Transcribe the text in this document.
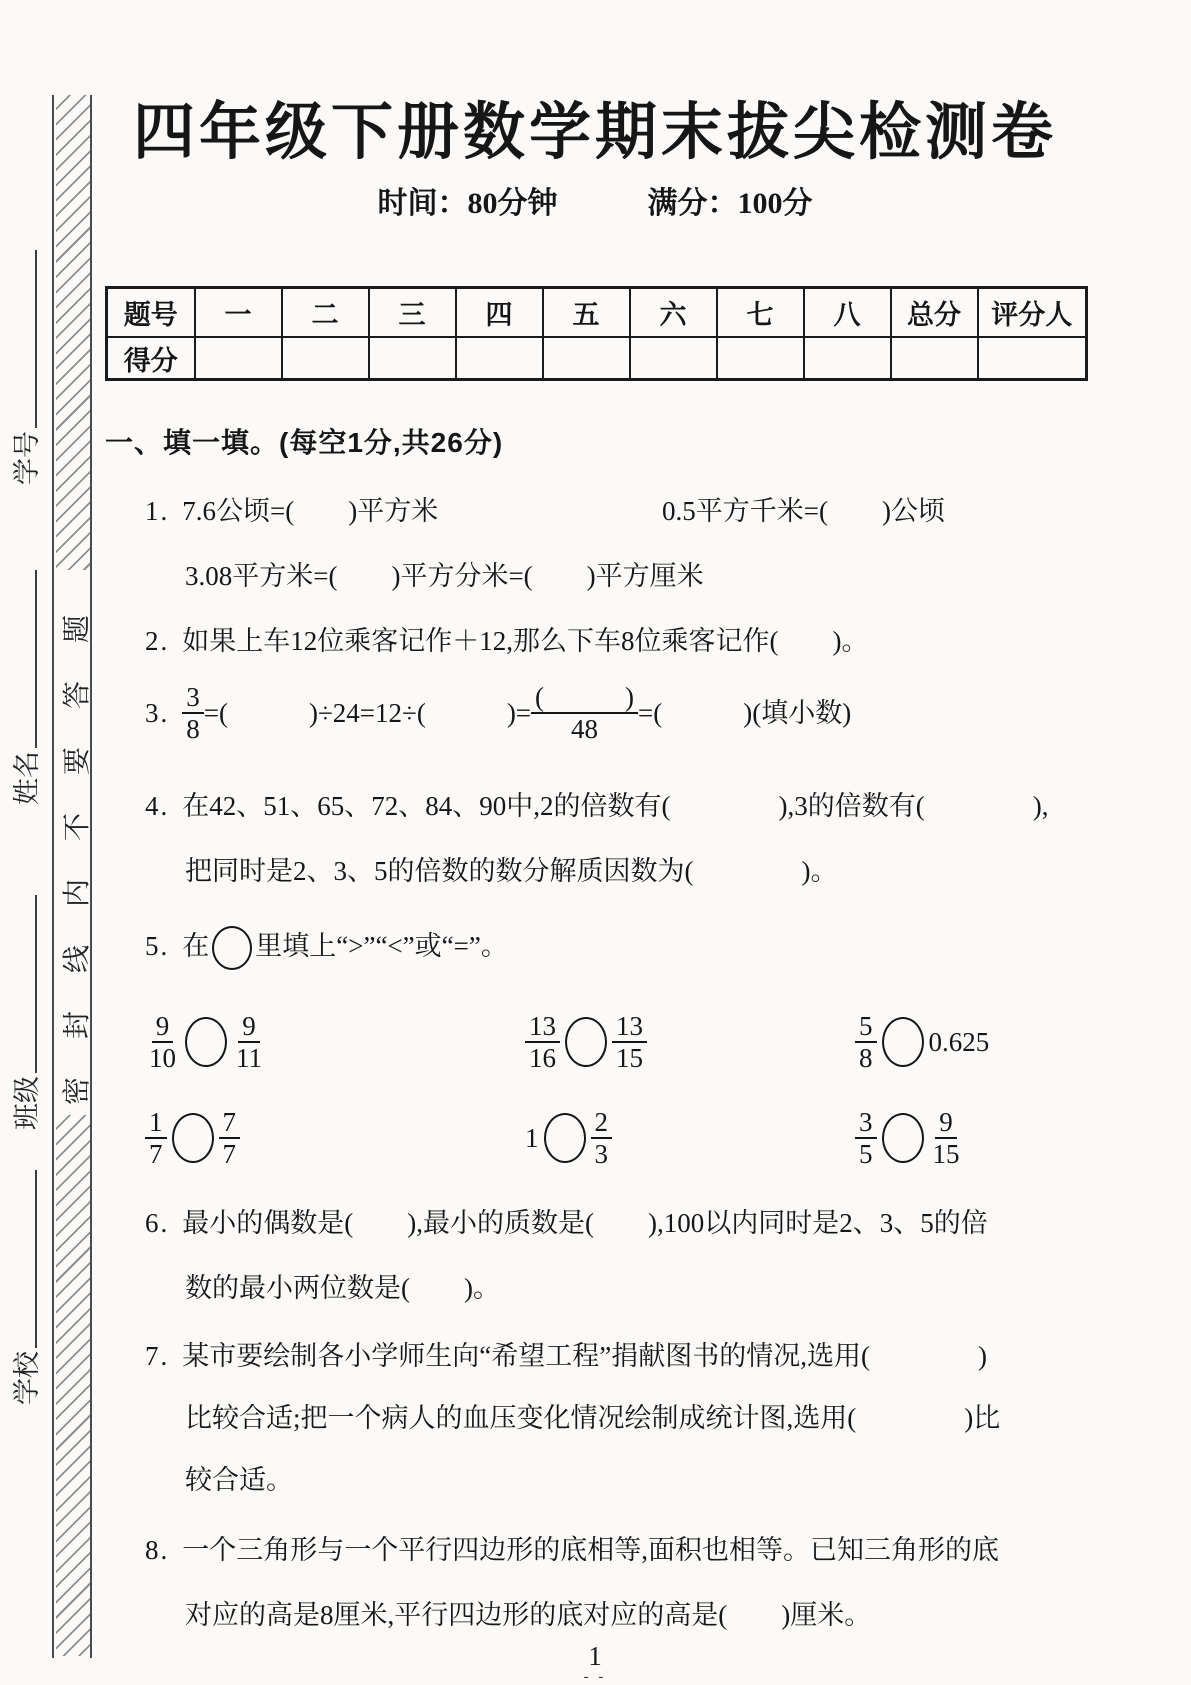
密封线内不要答题
学号
姓名
班级
学校
四年级下册数学期末拔尖检测卷
时间：80分钟　　　满分：100分
题号	一	二	三	四	五	六	七	八	总分	评分人
得分										
一、填一填。(每空1分,共26分)
1. 7.6公顷=(　　)平方米	0.5平方千米=(　　)公顷
3.08平方米=(　　)平方分米=(　　)平方厘米
2. 如果上车12位乘客记作＋12,那么下车8位乘客记作(　　)。
3. $\frac{3}{8}$ =(　　　)÷24=12÷(　　　)= $\frac{( )}{48}$ =(　　　)(填小数)
4. 在42、51、65、72、84、90中,2的倍数有(　　　　),3的倍数有(　　　　),
把同时是2、3、5的倍数的数分解质因数为(　　　　)。
5. 在 里填上“>”“<”或“=”。
$\frac{9}{10} \frac{9}{11}$	$\frac{13}{16} \frac{13}{15}$	$\frac{5}{8} 0.625$
$\frac{1}{7} \frac{7}{7}$	$1 \frac{2}{3}$	$\frac{3}{5} \frac{9}{15}$
6. 最小的偶数是(　　),最小的质数是(　　),100以内同时是2、3、5的倍
数的最小两位数是(　　)。
7. 某市要绘制各小学师生向“希望工程”捐献图书的情况,选用(　　　　)
比较合适;把一个病人的血压变化情况绘制成统计图,选用(　　　　)比
较合适。
8. 一个三角形与一个平行四边形的底相等,面积也相等。已知三角形的底
对应的高是8厘米,平行四边形的底对应的高是(　　)厘米。
1
- -
